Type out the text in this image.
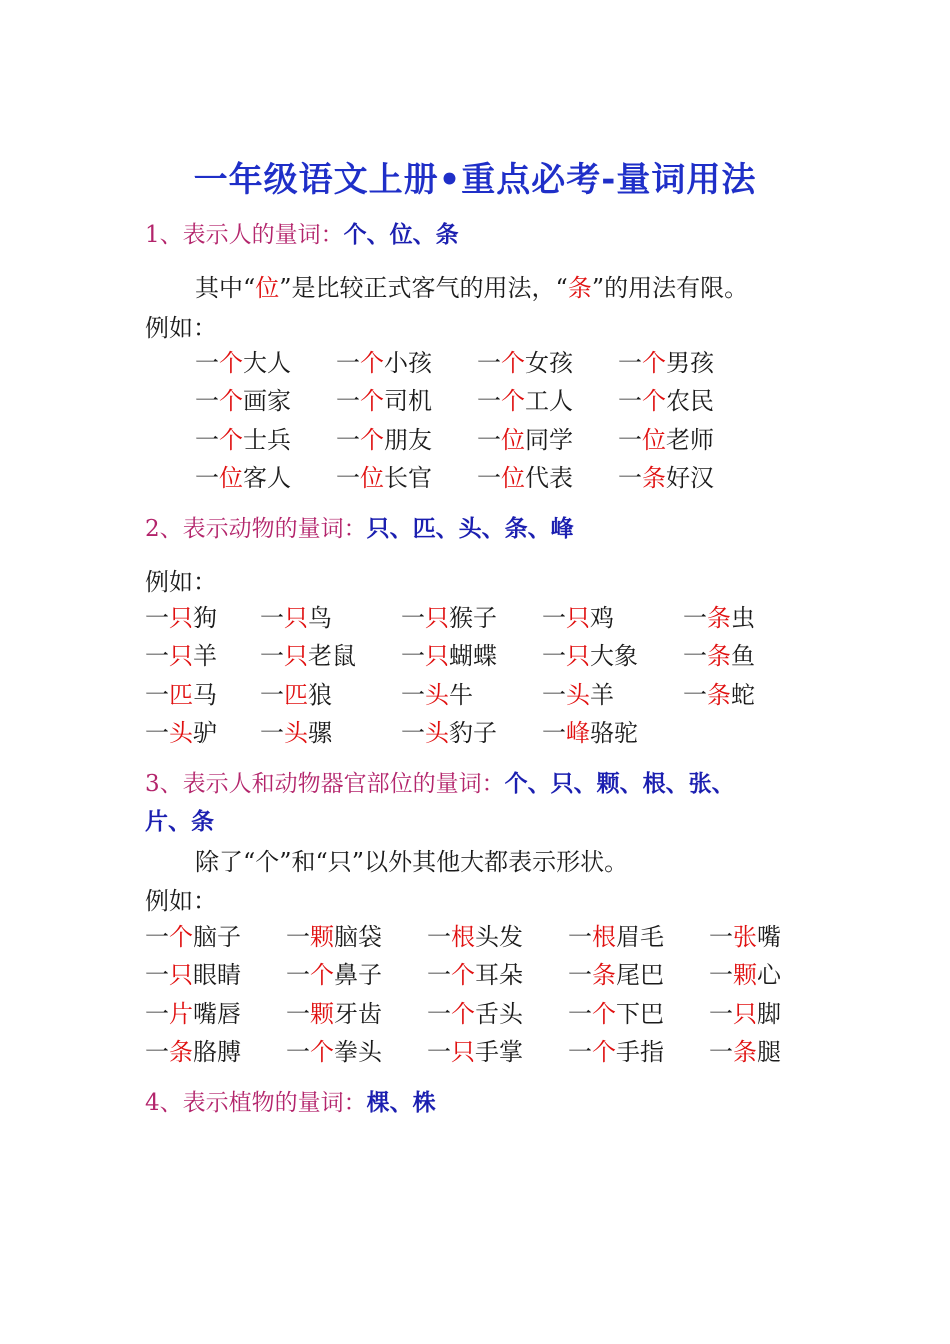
一年级语文上册•重点必考-量词用法
1、表示人的量词：个、位、条
其中“位”是比较正式客气的用法，“条”的用法有限。
例如：
一个大人 一个小孩 一个女孩 一个男孩
一个画家 一个司机 一个工人 一个农民
一个士兵 一个朋友 一位同学 一位老师
一位客人 一位长官 一位代表 一条好汉
2、表示动物的量词：只、匹、头、条、峰
例如：
一只狗 一只鸟	一只猴子 一只鸡	一条虫
一只羊 一只老鼠 一只蝴蝶 一只大象 一条鱼
一匹马 一匹狼	一头牛	一头羊	一条蛇
一头驴 一头骡	一头豹子 一峰骆驼
3、表示人和动物器官部位的量词：个、只、颗、根、张、
片、条
除了“个”和“只”以外其他大都表示形状。
例如：
一个脑子 一颗脑袋 一根头发 一根眉毛 一张嘴
一只眼睛 一个鼻子 一个耳朵 一条尾巴 一颗心
一片嘴唇 一颗牙齿 一个舌头 一个下巴 一只脚
一条胳膊 一个拳头 一只手掌 一个手指 一条腿
4、表示植物的量词：棵、株
